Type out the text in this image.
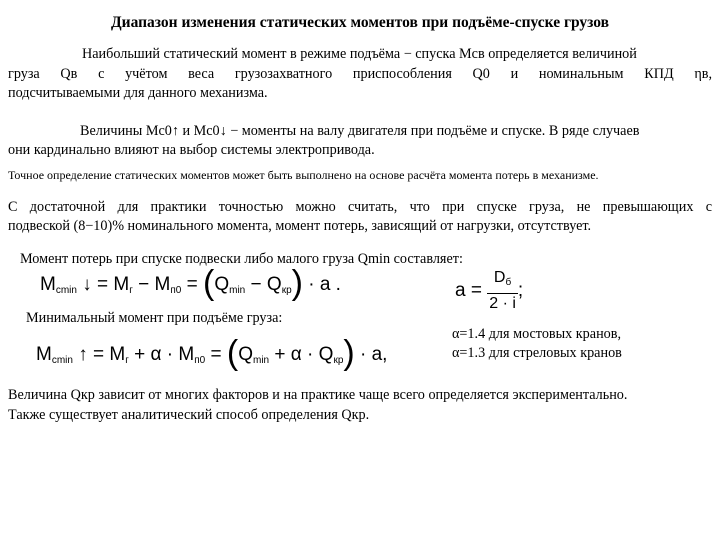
Диапазон изменения статических моментов при подъёме-спуске грузов
Наибольший статический момент в режиме подъёма − спуска Mсв определяется величиной
груза Qв с учётом веса грузозахватного приспособления Q0 и номинальным КПД ηв,
подсчитываемыми для данного механизма.
Величины Mс0↑ и Mс0↓ − моменты на валу двигателя при подъёме и спуске. В ряде случаев
они кардинально влияют на выбор системы электропривода.
Точное определение статических моментов может быть выполнено на основе расчёта момента потерь в механизме.
С достаточной для практики точностью можно считать, что при спуске груза, не превышающих с
подвеской (8−10)% номинального момента, момент потерь, зависящий от нагрузки, отсутствует.
Момент потерь при спуске подвески либо малого груза Qmin составляет:
$M_{cmin}$ ↓ = $M_г - M_{п0} = (Q_{min} - Q_{кр}) \cdot a$ .	a =
$D_б$
2 · i
;
Минимальный момент при подъёме груза:
$M_{cmin}$ ↑ = $M_г + \alpha \cdot M_{п0} = (Q_{min} + \alpha \cdot Q_{кр}) \cdot a$,
α=1.4 для мостовых кранов,
α=1.3 для стреловых кранов
Величина Qкр зависит от многих факторов и на практике чаще всего определяется экспериментально.
Также существует аналитический способ определения Qкр.
